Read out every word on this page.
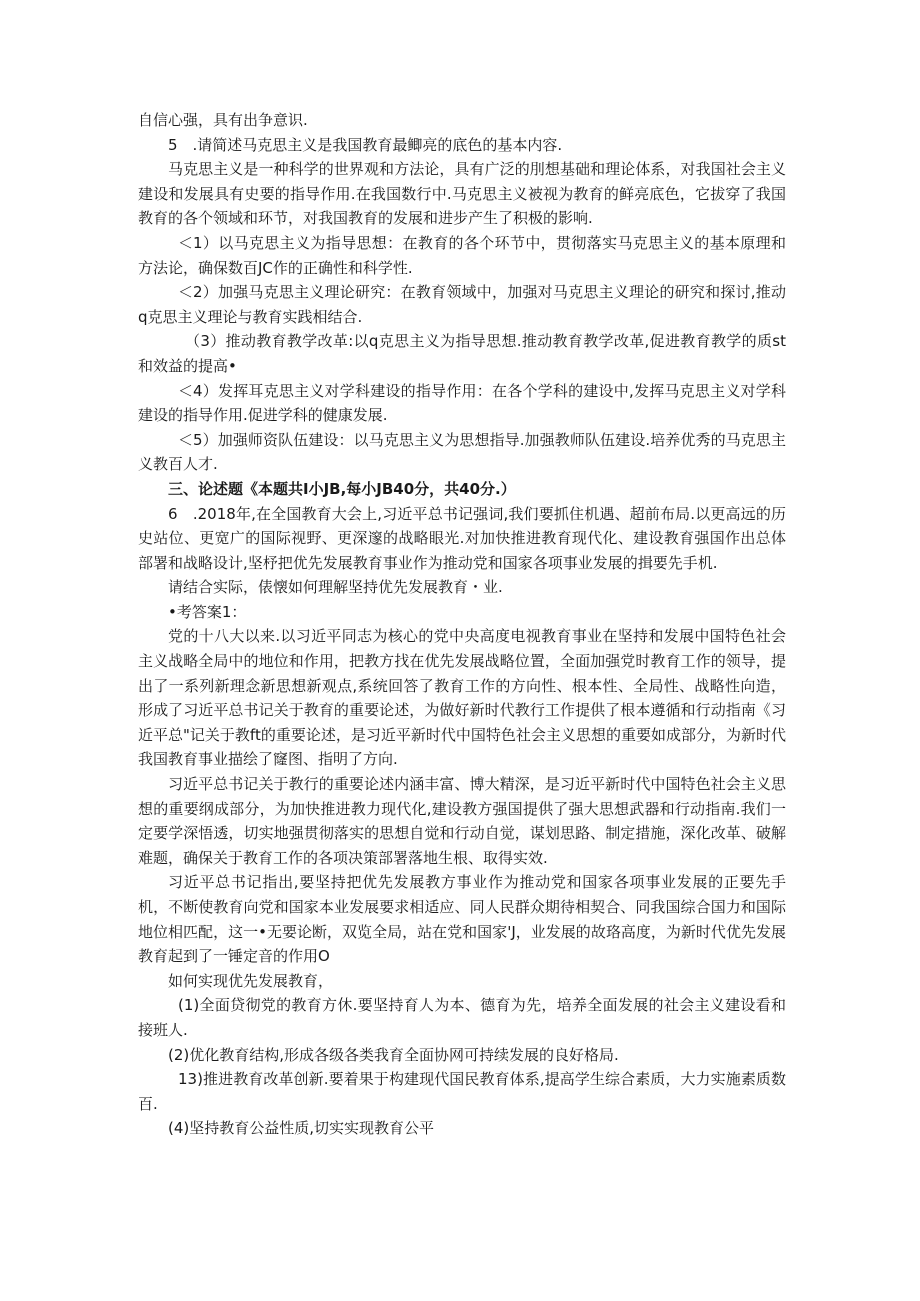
自信心强，具有出争意识.

5　.请简述马克思主义是我国教育最鲫亮的底色的基本内容.

马克思主义是一种科学的世界观和方法论，具有广泛的刖想基础和理论体系，对我国社会主义建设和发展具有史要的指导作用.在我国数行中.马克思主义被视为教育的鲜亮底色，它拔穿了我国教育的各个领域和环节，对我国教育的发展和进步产生了积极的影响.

＜1）以马克思主义为指导思想：在教育的各个环节中，贯彻落实马克思主义的基本原理和方法论，确保数百JC作的正确性和科学性.

＜2）加强马克思主义理论研究：在教育领域中，加强对马克思主义理论的研究和探讨,推动q克思主义理论与教育实践相结合.

（3）推动教育教学改革:以q克思主义为指导思想.推动教育教学改革,促进教育教学的质st和效益的提高•

＜4）发挥耳克思主义对学科建设的指导作用：在各个学科的建设中,发挥马克思主义对学科建设的指导作用.促进学科的健康发展.

＜5）加强师资队伍建设：以马克思主义为思想指导.加强教师队伍建设.培养优秀的马克思主义教百人才.

三、论述题《本题共I小JB,每小JB40分，共40分.）

6　.2018年,在全国教育大会上,习近平总书记强词,我们要抓住机遇、超前布局.以更高远的历史站位、更宽广的国际视野、更深邃的战略眼光.对加快推进教育现代化、建设教育强国作出总体部署和战略设计,坚杼把优先发展教育事业作为推动党和国家各项事业发展的揖要先手机.

请结合实际，俵懐如何理解坚持优先发展教育・业.

•考答案1：

党的十八大以来.以习近平同志为核心的党中央高度电视教育事业在坚持和发展中国特色社会主义战略全局中的地位和作用，把教方找在优先发展战略位置，全面加强党时教育工作的领导，提出了一系列新理念新思想新观点,系统回答了教育工作的方向性、根本性、全局性、战略性向造，形成了习近平总书记关于教育的重要论述，为做好新时代教行工作提供了根本遵循和行动指南《习近平总"记关于教ft的重要论述，是习近平新时代中国特色社会主义思想的重要如成部分，为新时代我国教育事业描绘了窿图、指明了方向.

习近平总书记关于教行的重要论述内涵丰富、博大精深，是习近平新时代中国特色社会主义思想的重要纲成部分，为加快推进教力现代化,建设教方强国提供了强大思想武器和行动指南.我们一定要学深悟透，切实地强贯彻落实的思想自觉和行动自觉，谋划思路、制定措施，深化改革、破解难题，确保关于教育工作的各项决策部署落地生根、取得实效.

习近平总书记指出,要坚持把优先发展教方事业作为推动党和国家各项事业发展的正要先手机，不断使教育向党和国家本业发展要求相适应、同人民群众期待相契合、同我国综合国力和国际地位相匹配，这一•无要论断，双览全局，站在党和国家'J，业发展的故珞高度，为新时代优先发展教育起到了一锤定音的作用O

如何实现优先发展教育，

(1)全面贷彻党的教育方休.要坚持育人为本、德育为先，培养全面发展的社会主义建设看和接班人.

(2)优化教育结构,形成各级各类我育全面协网可持续发展的良好格局.

13)推进教育改革创新.要着果于构建现代国民教育体系,提高学生综合素质，大力实施素质数百.

(4)坚持教育公益性质,切实实现教育公平
